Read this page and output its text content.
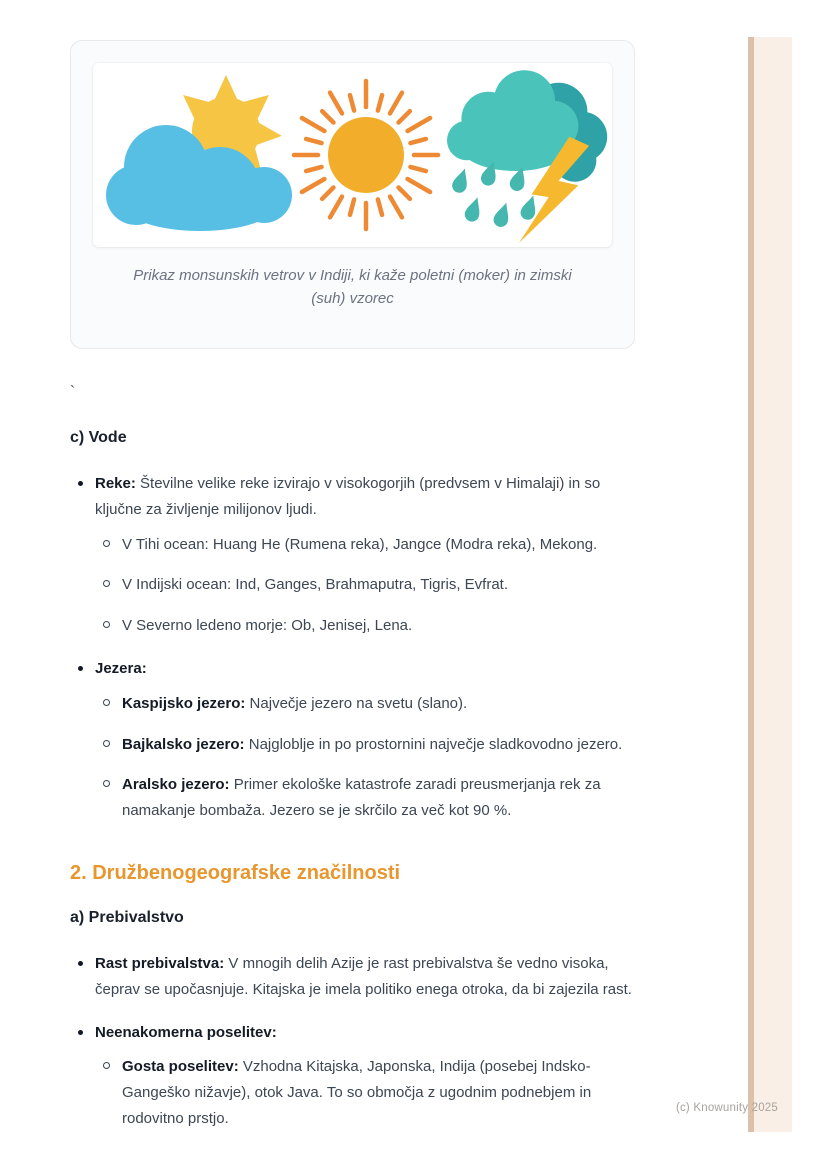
(c) Knowunity 2025
Prikaz monsunskih vetrov v Indiji, ki kaže poletni (moker) in zimski (suh) vzorec
`
c) Vode
Reke: Številne velike reke izvirajo v visokogorjih (predvsem v Himalaji) in so ključne za življenje milijonov ljudi.
V Tihi ocean: Huang He (Rumena reka), Jangce (Modra reka), Mekong.
V Indijski ocean: Ind, Ganges, Brahmaputra, Tigris, Evfrat.
V Severno ledeno morje: Ob, Jenisej, Lena.
Jezera:
Kaspijsko jezero: Največje jezero na svetu (slano).
Bajkalsko jezero: Najgloblje in po prostornini največje sladkovodno jezero.
Aralsko jezero: Primer ekološke katastrofe zaradi preusmerjanja rek za namakanje bombaža. Jezero se je skrčilo za več kot 90 %.
2. Družbenogeografske značilnosti
a) Prebivalstvo
Rast prebivalstva: V mnogih delih Azije je rast prebivalstva še vedno visoka, čeprav se upočasnjuje. Kitajska je imela politiko enega otroka, da bi zajezila rast.
Neenakomerna poselitev:
Gosta poselitev: Vzhodna Kitajska, Japonska, Indija (posebej Indsko-Gangeško nižavje), otok Java. To so območja z ugodnim podnebjem in rodovitno prstjo.
